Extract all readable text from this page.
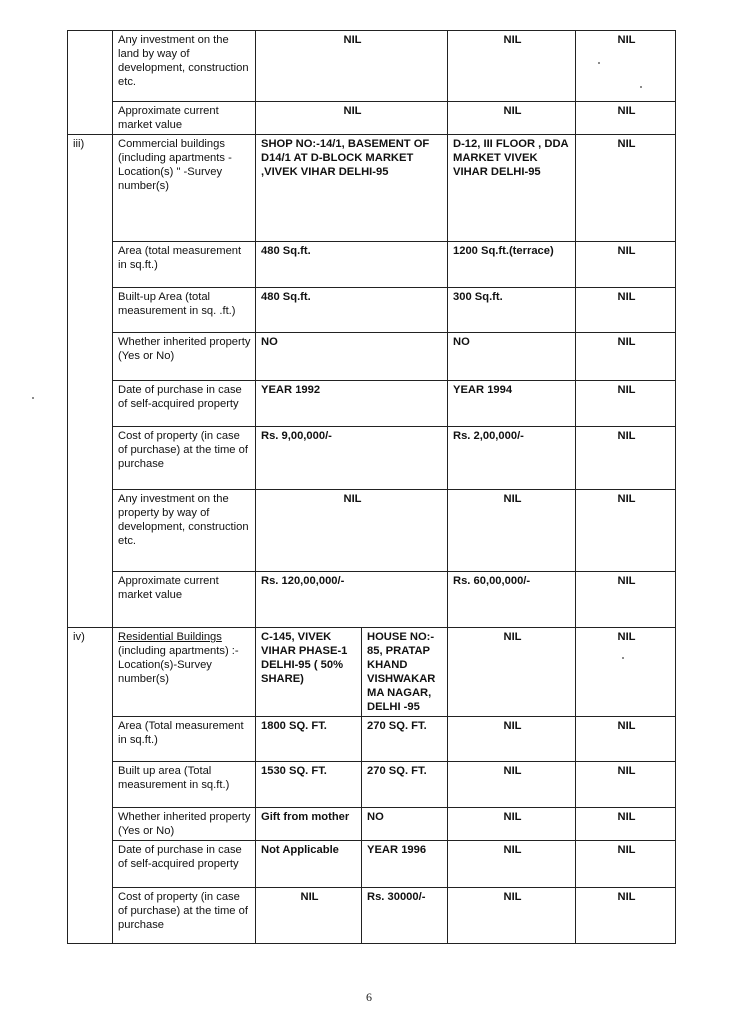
	Any investment on the land by way of development, construction etc.	NIL		NIL	NIL
	Approximate current market value	NIL		NIL	NIL
iii)	Commercial buildings (including apartments -Location(s) " -Survey number(s)	SHOP NO:-14/1, BASEMENT OF D14/1 AT D-BLOCK MARKET ,VIVEK VIHAR DELHI-95		D-12, III FLOOR , DDA MARKET VIVEK VIHAR DELHI-95	NIL
	Area (total measurement in sq.ft.)	480 Sq.ft.		1200 Sq.ft.(terrace)	NIL
	Built-up Area (total measurement in sq. .ft.)	480 Sq.ft.		300 Sq.ft.	NIL
	Whether inherited property (Yes or No)	NO		NO	NIL
	Date of purchase in case of self-acquired property	YEAR 1992		YEAR 1994	NIL
	Cost of property (in case of purchase) at the time of purchase	Rs. 9,00,000/-		Rs. 2,00,000/-	NIL
	Any investment on the property by way of development, construction etc.	NIL		NIL	NIL
	Approximate current market value	Rs. 120,00,000/-		Rs. 60,00,000/-	NIL
iv)	Residential Buildings (including apartments) :- Location(s)-Survey number(s)	C-145, VIVEK VIHAR PHASE-1 DELHI-95 ( 50% SHARE)	HOUSE NO:- 85, PRATAP KHAND VISHWAKAR MA NAGAR, DELHI -95	NIL	NIL
	Area (Total measurement in sq.ft.)	1800 SQ. FT.	270 SQ. FT.	NIL	NIL
	Built up area (Total measurement in sq.ft.)	1530 SQ. FT.	270 SQ. FT.	NIL	NIL
	Whether inherited property (Yes or No)	Gift from mother	NO	NIL	NIL
	Date of purchase in case of self-acquired property	Not Applicable	YEAR 1996	NIL	NIL
	Cost of property (in case of purchase) at the time of purchase	NIL	Rs. 30000/-	NIL	NIL
6
